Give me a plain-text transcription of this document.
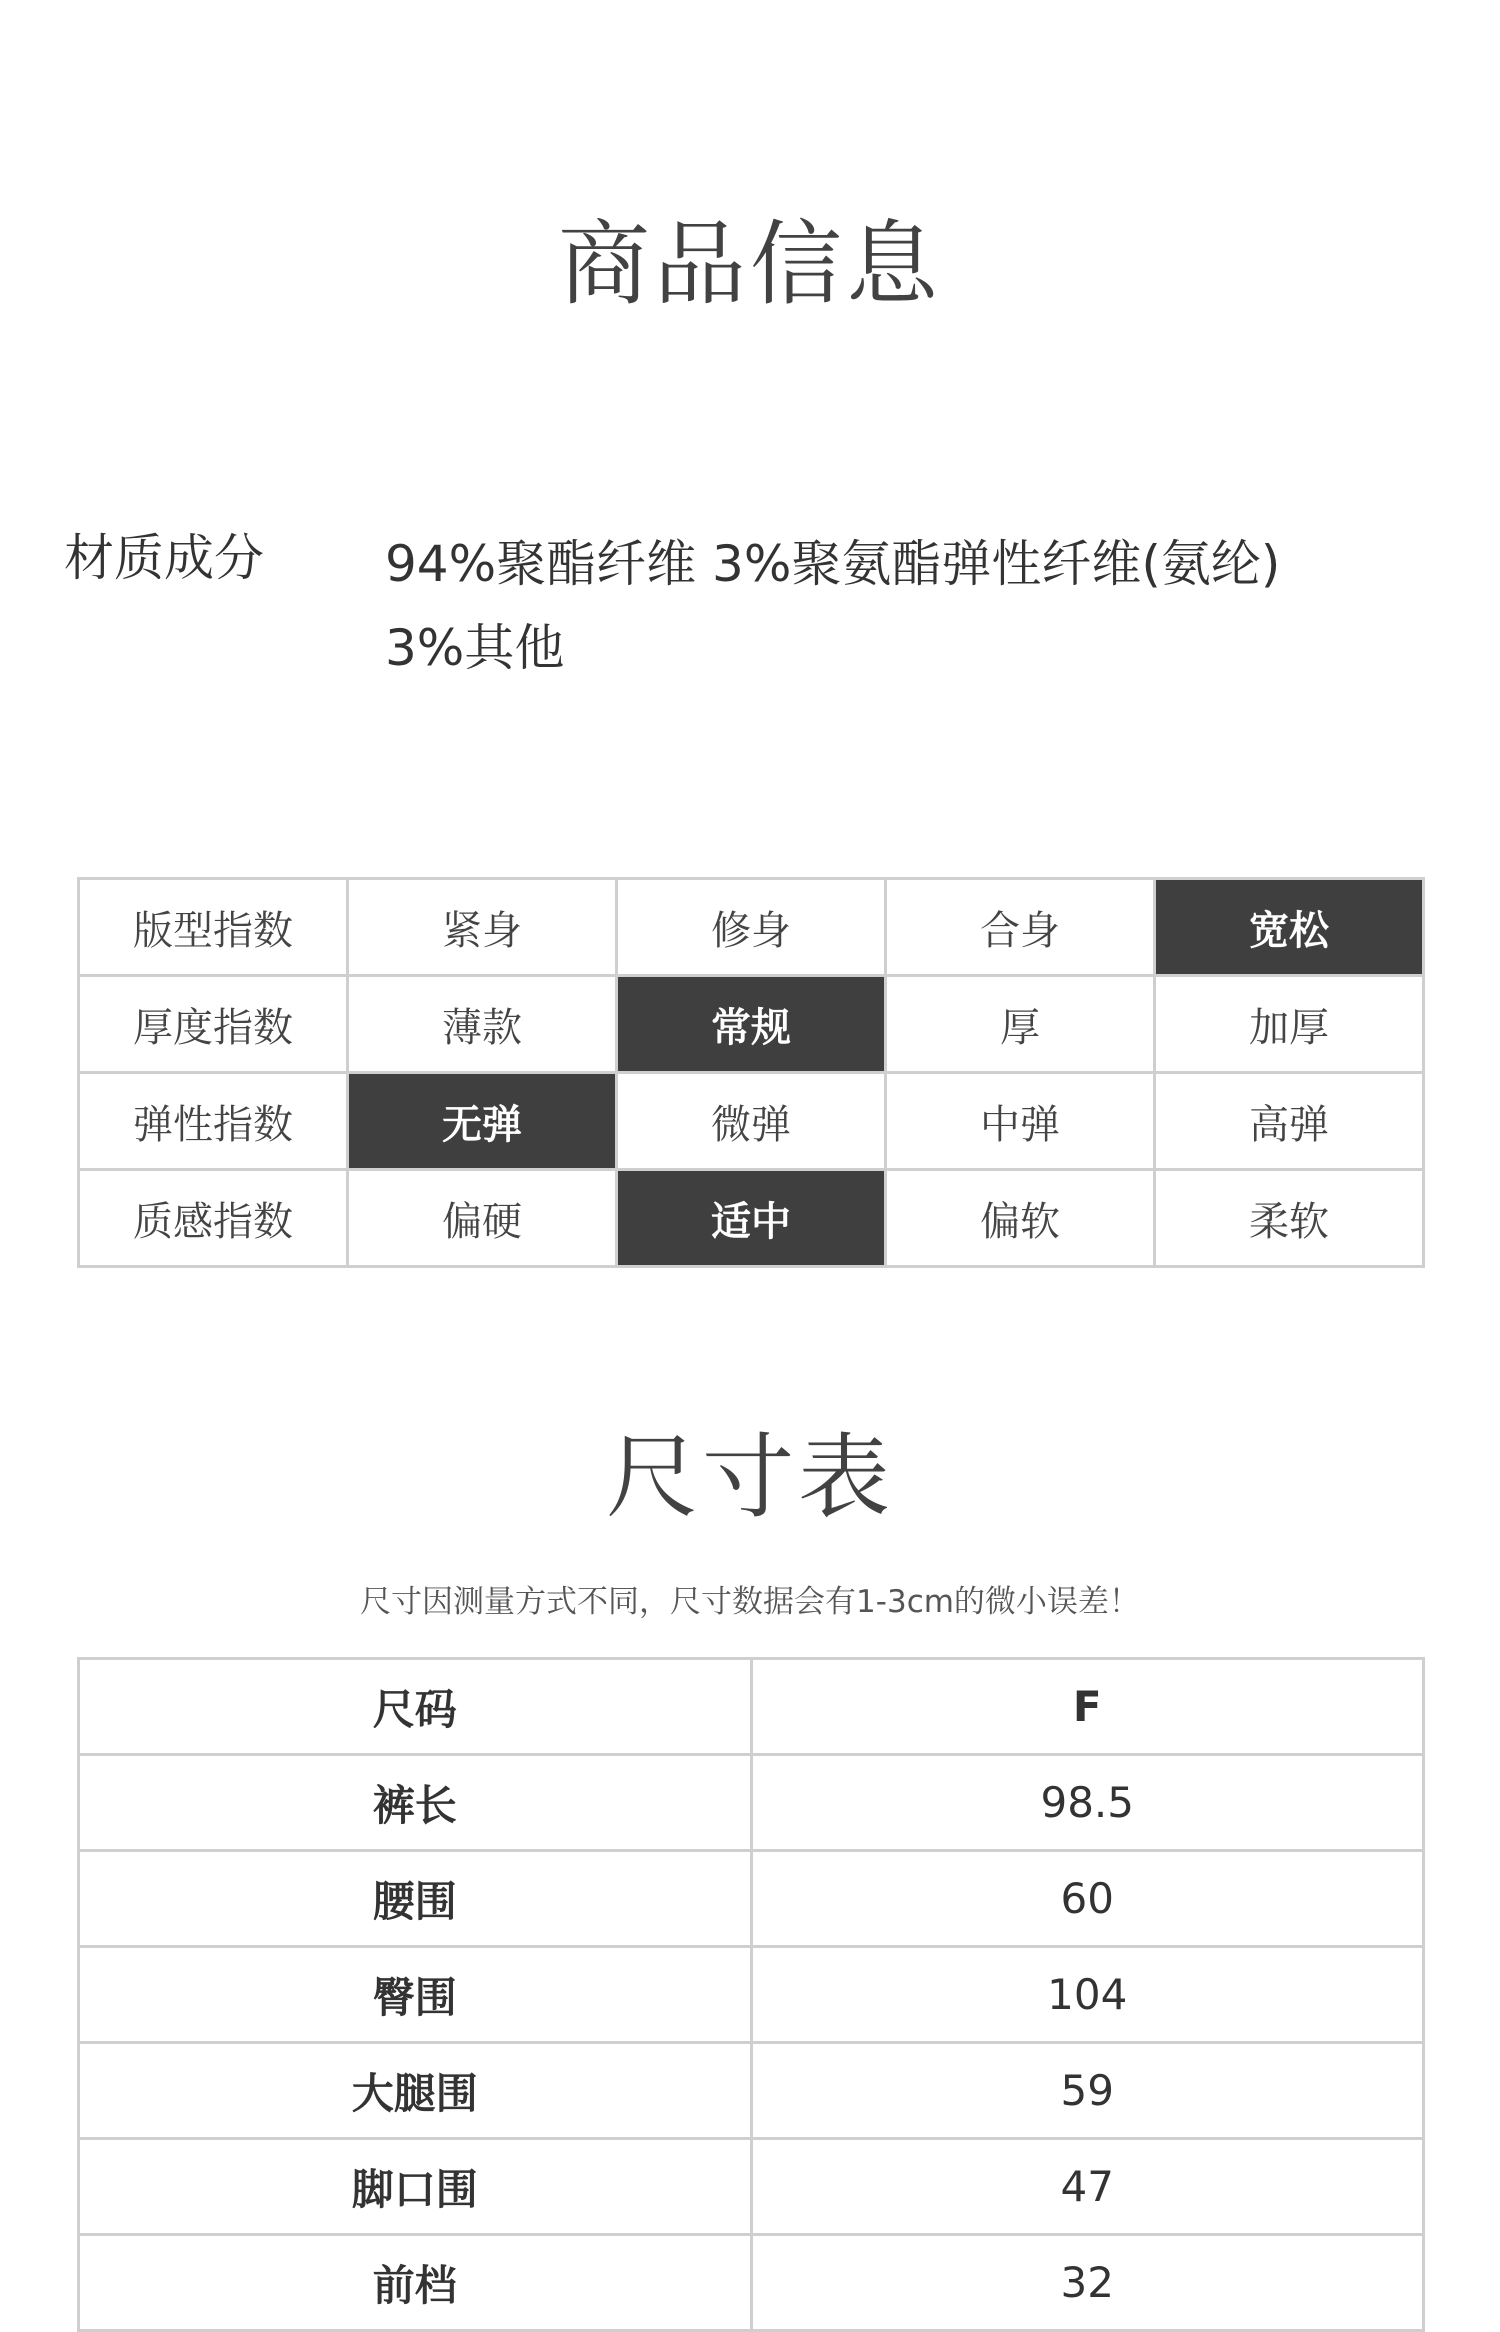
商品信息
材质成分 94%聚酯纤维 3%聚氨酯弹性纤维(氨纶) 3%其他
版型指数	紧身	修身	合身	宽松
厚度指数	薄款	常规	厚	加厚
弹性指数	无弹	微弹	中弹	高弹
质感指数	偏硬	适中	偏软	柔软
尺寸表
尺寸因测量方式不同，尺寸数据会有1-3cm的微小误差！
尺码	F
裤长	98.5
腰围	60
臀围	104
大腿围	59
脚口围	47
前档	32
